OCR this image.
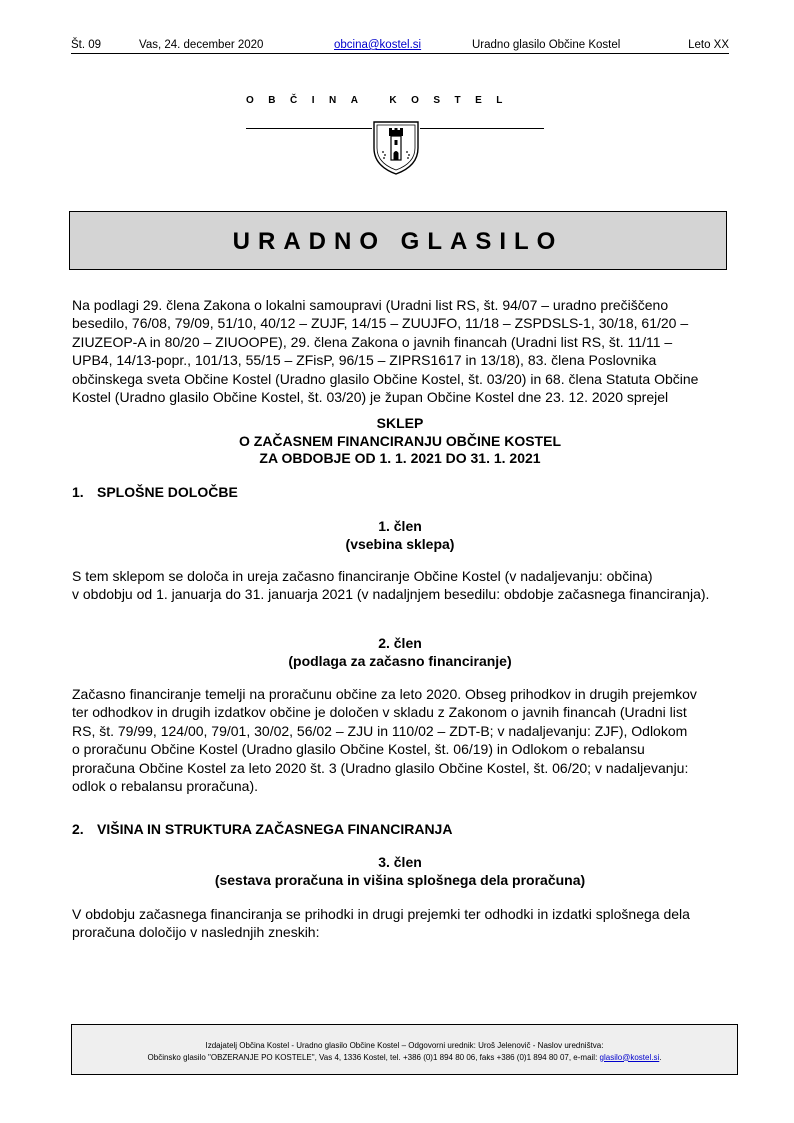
Št. 09	Vas, 24. december 2020	obcina@kostel.si	Uradno glasilo Občine Kostel	Leto XX
OBČINA KOSTEL
URADNO GLASILO
Na podlagi 29. člena Zakona o lokalni samoupravi (Uradni list RS, št. 94/07 – uradno prečiščeno
besedilo, 76/08, 79/09, 51/10, 40/12 – ZUJF, 14/15 – ZUUJFO, 11/18 – ZSPDSLS-1, 30/18, 61/20 –
ZIUZEOP-A in 80/20 – ZIUOOPE), 29. člena Zakona o javnih financah (Uradni list RS, št. 11/11 –
UPB4, 14/13-popr., 101/13, 55/15 – ZFisP, 96/15 – ZIPRS1617 in 13/18), 83. člena Poslovnika
občinskega sveta Občine Kostel (Uradno glasilo Občine Kostel, št. 03/20) in 68. člena Statuta Občine
Kostel (Uradno glasilo Občine Kostel, št. 03/20) je župan Občine Kostel dne 23. 12. 2020 sprejel
SKLEP
O ZAČASNEM FINANCIRANJU OBČINE KOSTEL
ZA OBDOBJE OD 1. 1. 2021 DO 31. 1. 2021
1. SPLOŠNE DOLOČBE
1. člen
(vsebina sklepa)
S tem sklepom se določa in ureja začasno financiranje Občine Kostel (v nadaljevanju: občina)
v obdobju od 1. januarja do 31. januarja 2021 (v nadaljnjem besedilu: obdobje začasnega financiranja).
2. člen
(podlaga za začasno financiranje)
Začasno financiranje temelji na proračunu občine za leto 2020. Obseg prihodkov in drugih prejemkov
ter odhodkov in drugih izdatkov občine je določen v skladu z Zakonom o javnih financah (Uradni list
RS, št. 79/99, 124/00, 79/01, 30/02, 56/02 – ZJU in 110/02 – ZDT-B; v nadaljevanju: ZJF), Odlokom
o proračunu Občine Kostel (Uradno glasilo Občine Kostel, št. 06/19) in Odlokom o rebalansu
proračuna Občine Kostel za leto 2020 št. 3 (Uradno glasilo Občine Kostel, št. 06/20; v nadaljevanju:
odlok o rebalansu proračuna).
2. VIŠINA IN STRUKTURA ZAČASNEGA FINANCIRANJA
3. člen
(sestava proračuna in višina splošnega dela proračuna)
V obdobju začasnega financiranja se prihodki in drugi prejemki ter odhodki in izdatki splošnega dela
proračuna določijo v naslednjih zneskih:
Izdajatelj Občina Kostel - Uradno glasilo Občine Kostel – Odgovorni urednik: Uroš Jelenovič - Naslov uredništva:
Občinsko glasilo "OBZERANJE PO KOSTELE", Vas 4, 1336 Kostel, tel. +386 (0)1 894 80 06, faks +386 (0)1 894 80 07, e-mail: glasilo@kostel.si.
